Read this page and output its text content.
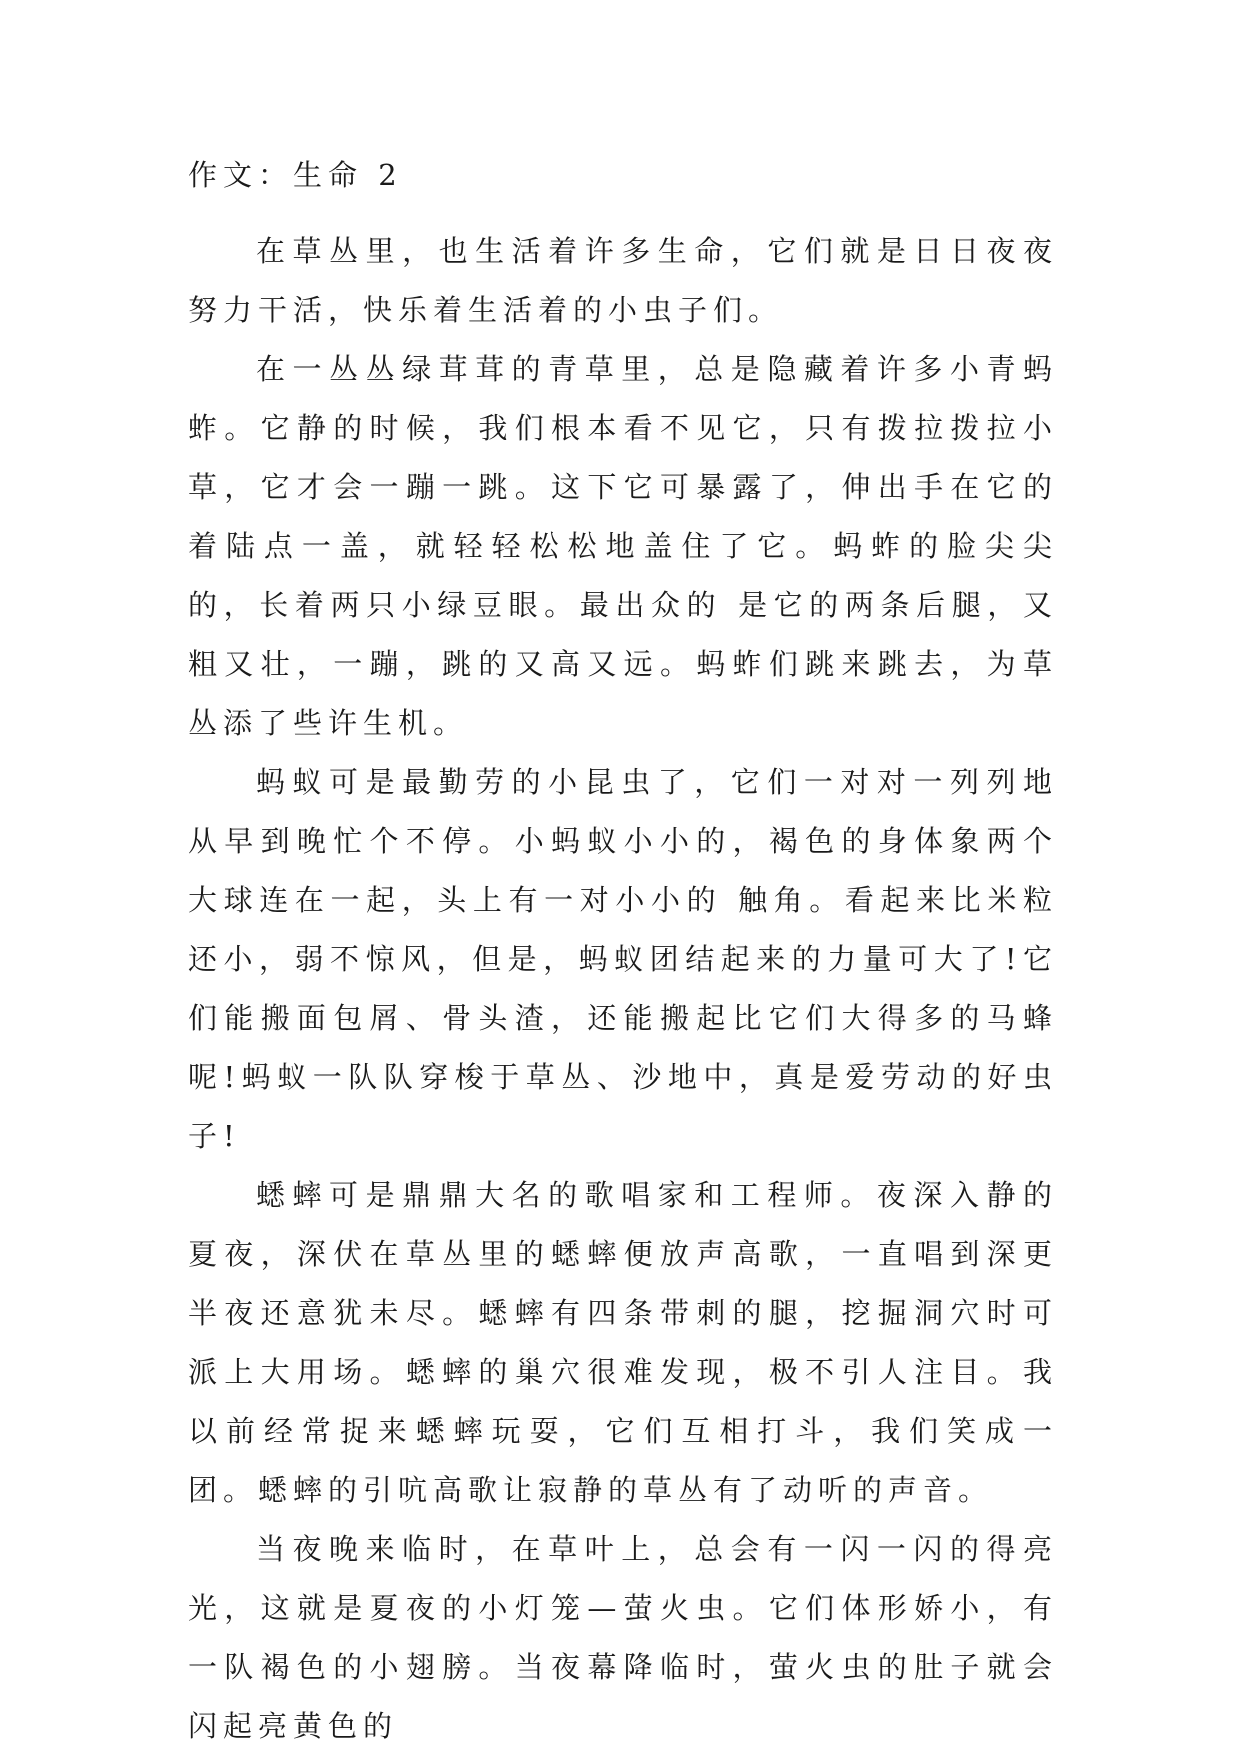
作文：生命 2

在草丛里，也生活着许多生命，它们就是日日夜夜努力干活，快乐着生活着的小虫子们。

在一丛丛绿茸茸的青草里，总是隐藏着许多小青蚂蚱。它静的时候，我们根本看不见它，只有拨拉拨拉小草，它才会一蹦一跳。这下它可暴露了，伸出手在它的着陆点一盖，就轻轻松松地盖住了它。蚂蚱的脸尖尖的，长着两只小绿豆眼。最出众的 是它的两条后腿，又粗又壮，一蹦，跳的又高又远。蚂蚱们跳来跳去，为草丛添了些许生机。

蚂蚁可是最勤劳的小昆虫了，它们一对对一列列地从早到晚忙个不停。小蚂蚁小小的，褐色的身体象两个大球连在一起，头上有一对小小的 触角。看起来比米粒还小，弱不惊风，但是，蚂蚁团结起来的力量可大了!它们能搬面包屑、骨头渣，还能搬起比它们大得多的马蜂呢!蚂蚁一队队穿梭于草丛、沙地中，真是爱劳动的好虫子!

蟋蟀可是鼎鼎大名的歌唱家和工程师。夜深入静的夏夜，深伏在草丛里的蟋蟀便放声高歌，一直唱到深更半夜还意犹未尽。蟋蟀有四条带刺的腿，挖掘洞穴时可派上大用场。蟋蟀的巢穴很难发现，极不引人注目。我以前经常捉来蟋蟀玩耍，它们互相打斗，我们笑成一团。蟋蟀的引吭高歌让寂静的草丛有了动听的声音。

当夜晚来临时，在草叶上，总会有一闪一闪的得亮光，这就是夏夜的小灯笼—萤火虫。它们体形娇小，有一队褐色的小翅膀。当夜幕降临时，萤火虫的肚子就会闪起亮黄色的
